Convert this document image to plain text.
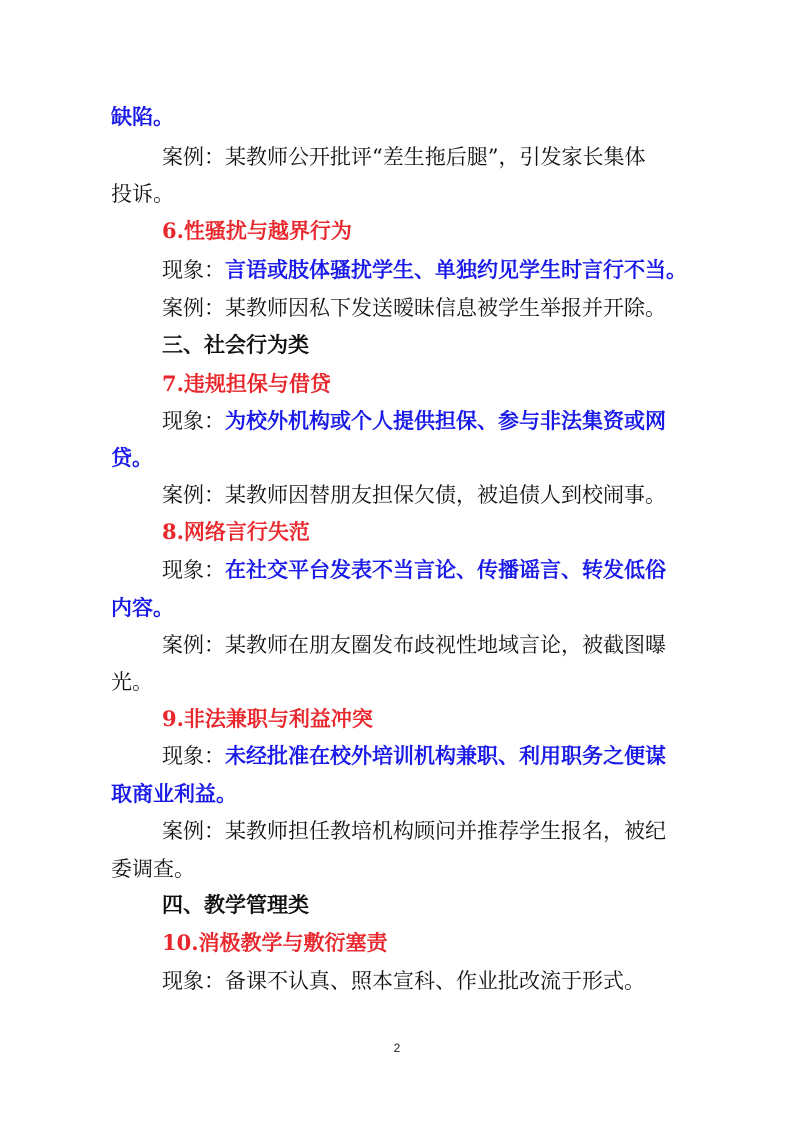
缺陷。
案例：某教师公开批评“差生拖后腿”，引发家长集体
投诉。
6.性骚扰与越界行为
现象：言语或肢体骚扰学生、单独约见学生时言行不当。
案例：某教师因私下发送暧昧信息被学生举报并开除。
三、社会行为类
7.违规担保与借贷
现象：为校外机构或个人提供担保、参与非法集资或网
贷。
案例：某教师因替朋友担保欠债，被追债人到校闹事。
8.网络言行失范
现象：在社交平台发表不当言论、传播谣言、转发低俗
内容。
案例：某教师在朋友圈发布歧视性地域言论，被截图曝
光。
9.非法兼职与利益冲突
现象：未经批准在校外培训机构兼职、利用职务之便谋
取商业利益。
案例：某教师担任教培机构顾问并推荐学生报名，被纪
委调查。
四、教学管理类
10.消极教学与敷衍塞责
现象：备课不认真、照本宣科、作业批改流于形式。
2
